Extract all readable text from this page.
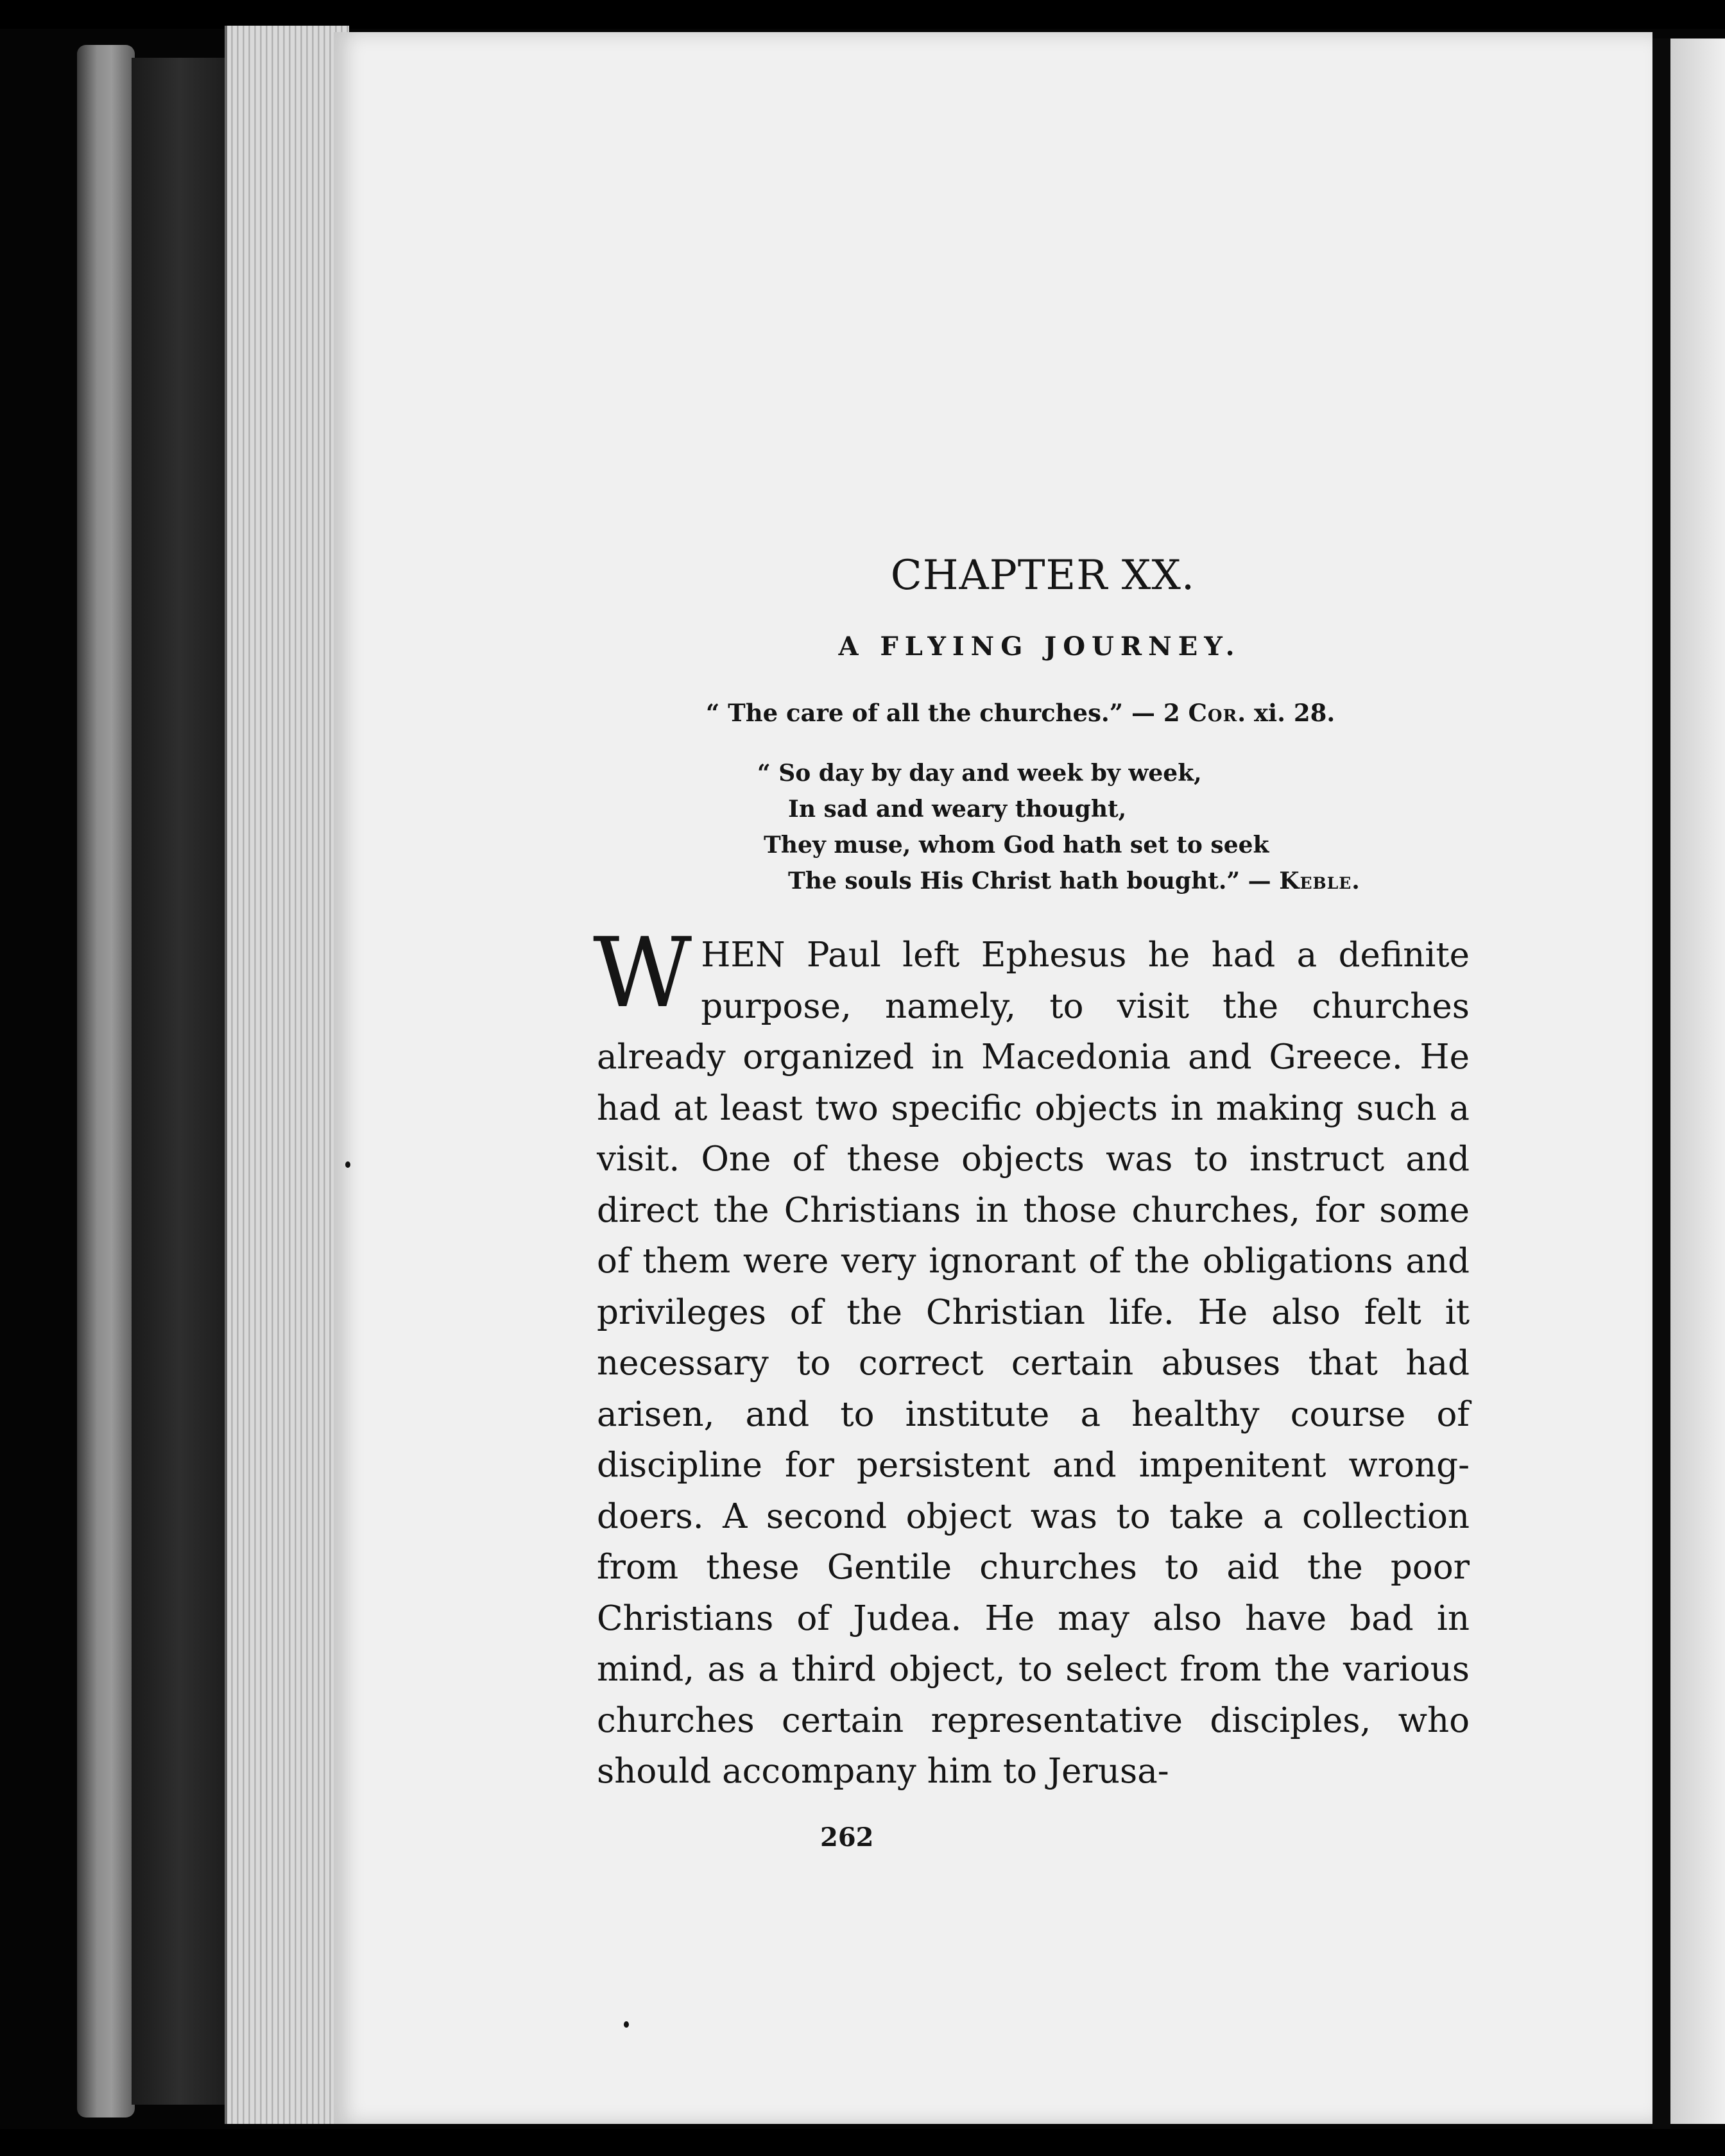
CHAPTER XX.
A FLYING JOURNEY.
“ The care of all the churches.” — 2 Cor. xi. 28.
“ So day by day and week by week,
In sad and weary thought,
They muse, whom God hath set to seek
The souls His Christ hath bought.” — Keble.

WHEN Paul left Ephesus he had a definite purpose, namely, to visit the churches already organized in Macedonia and Greece. He had at least two specific objects in making such a visit. One of these objects was to instruct and direct the Christians in those churches, for some of them were very ignorant of the obligations and privileges of the Christian life. He also felt it necessary to correct certain abuses that had arisen, and to institute a healthy course of discipline for persistent and impenitent wrong-doers. A second object was to take a collection from these Gentile churches to aid the poor Christians of Judea. He may also have bad in mind, as a third object, to select from the various churches certain representative disciples, who should accompany him to Jerusa-

262
